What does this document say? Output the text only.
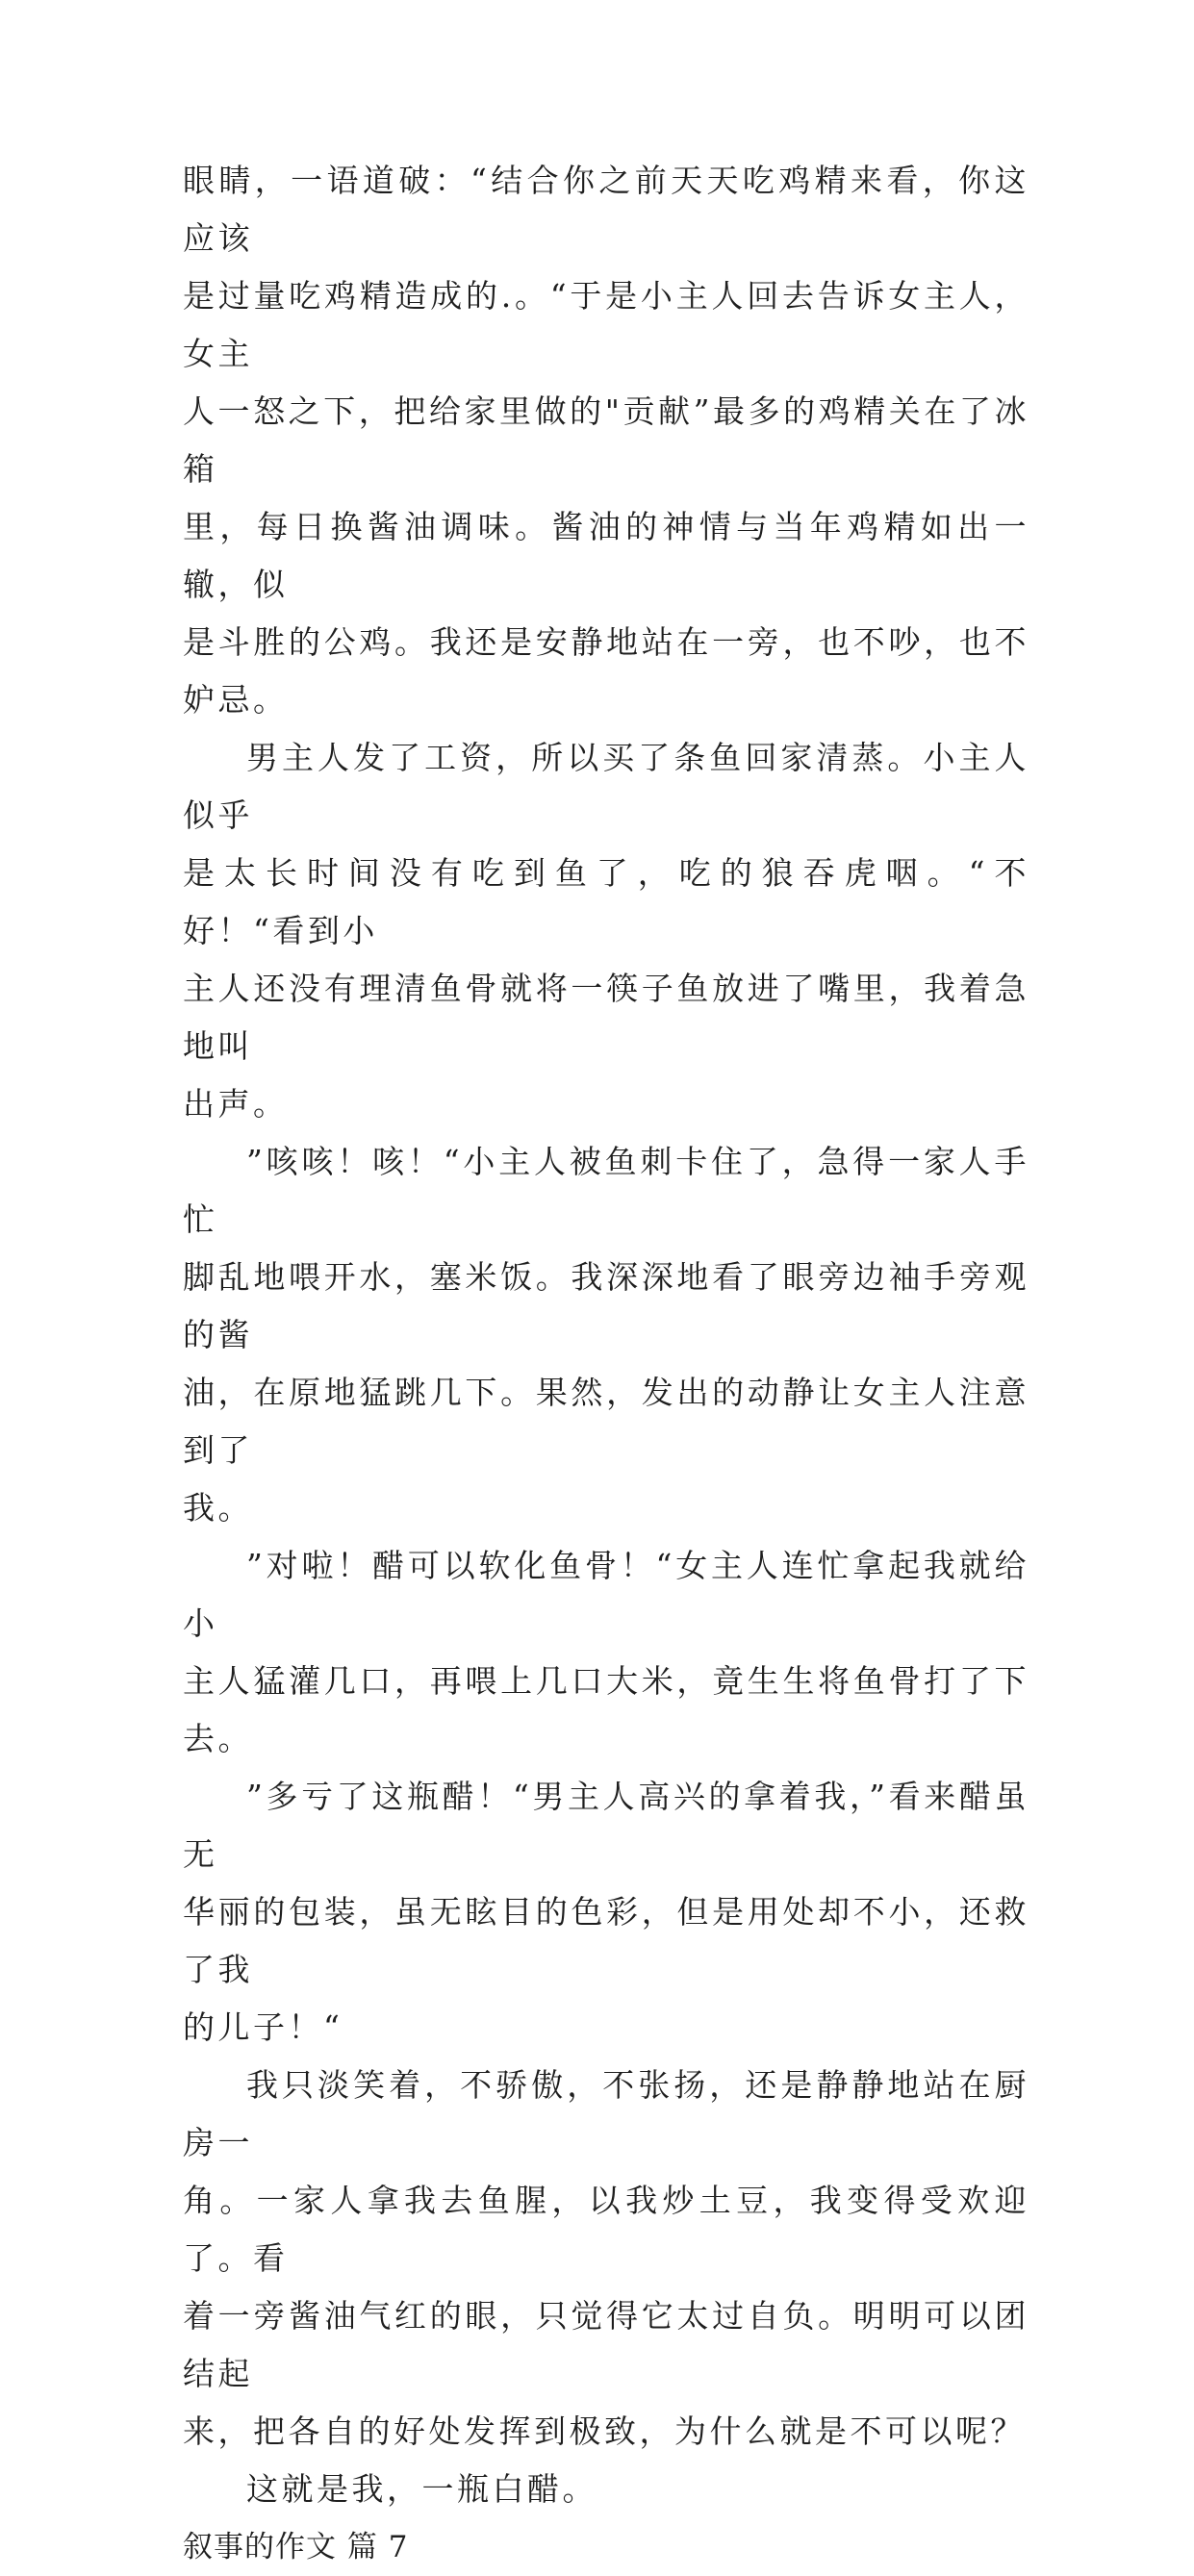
眼睛，一语道破：“结合你之前天天吃鸡精来看，你这应该
是过量吃鸡精造成的.。“于是小主人回去告诉女主人，女主
人一怒之下，把给家里做的"贡献”最多的鸡精关在了冰箱
里，每日换酱油调味。酱油的神情与当年鸡精如出一辙，似
是斗胜的公鸡。我还是安静地站在一旁，也不吵，也不妒忌。

男主人发了工资，所以买了条鱼回家清蒸。小主人似乎
是太长时间没有吃到鱼了，吃的狼吞虎咽。“不好！“看到小
主人还没有理清鱼骨就将一筷子鱼放进了嘴里，我着急地叫
出声。

”咳咳！咳！“小主人被鱼刺卡住了，急得一家人手忙
脚乱地喂开水，塞米饭。我深深地看了眼旁边袖手旁观的酱
油，在原地猛跳几下。果然，发出的动静让女主人注意到了
我。

”对啦！醋可以软化鱼骨！“女主人连忙拿起我就给小
主人猛灌几口，再喂上几口大米，竟生生将鱼骨打了下去。

”多亏了这瓶醋！“男主人高兴的拿着我，”看来醋虽无
华丽的包装，虽无眩目的色彩，但是用处却不小，还救了我
的儿子！“

我只淡笑着，不骄傲，不张扬，还是静静地站在厨房一
角。一家人拿我去鱼腥，以我炒土豆，我变得受欢迎了。看
着一旁酱油气红的眼，只觉得它太过自负。明明可以团结起
来，把各自的好处发挥到极致，为什么就是不可以呢？

这就是我，一瓶白醋。

叙事的作文 篇 7
